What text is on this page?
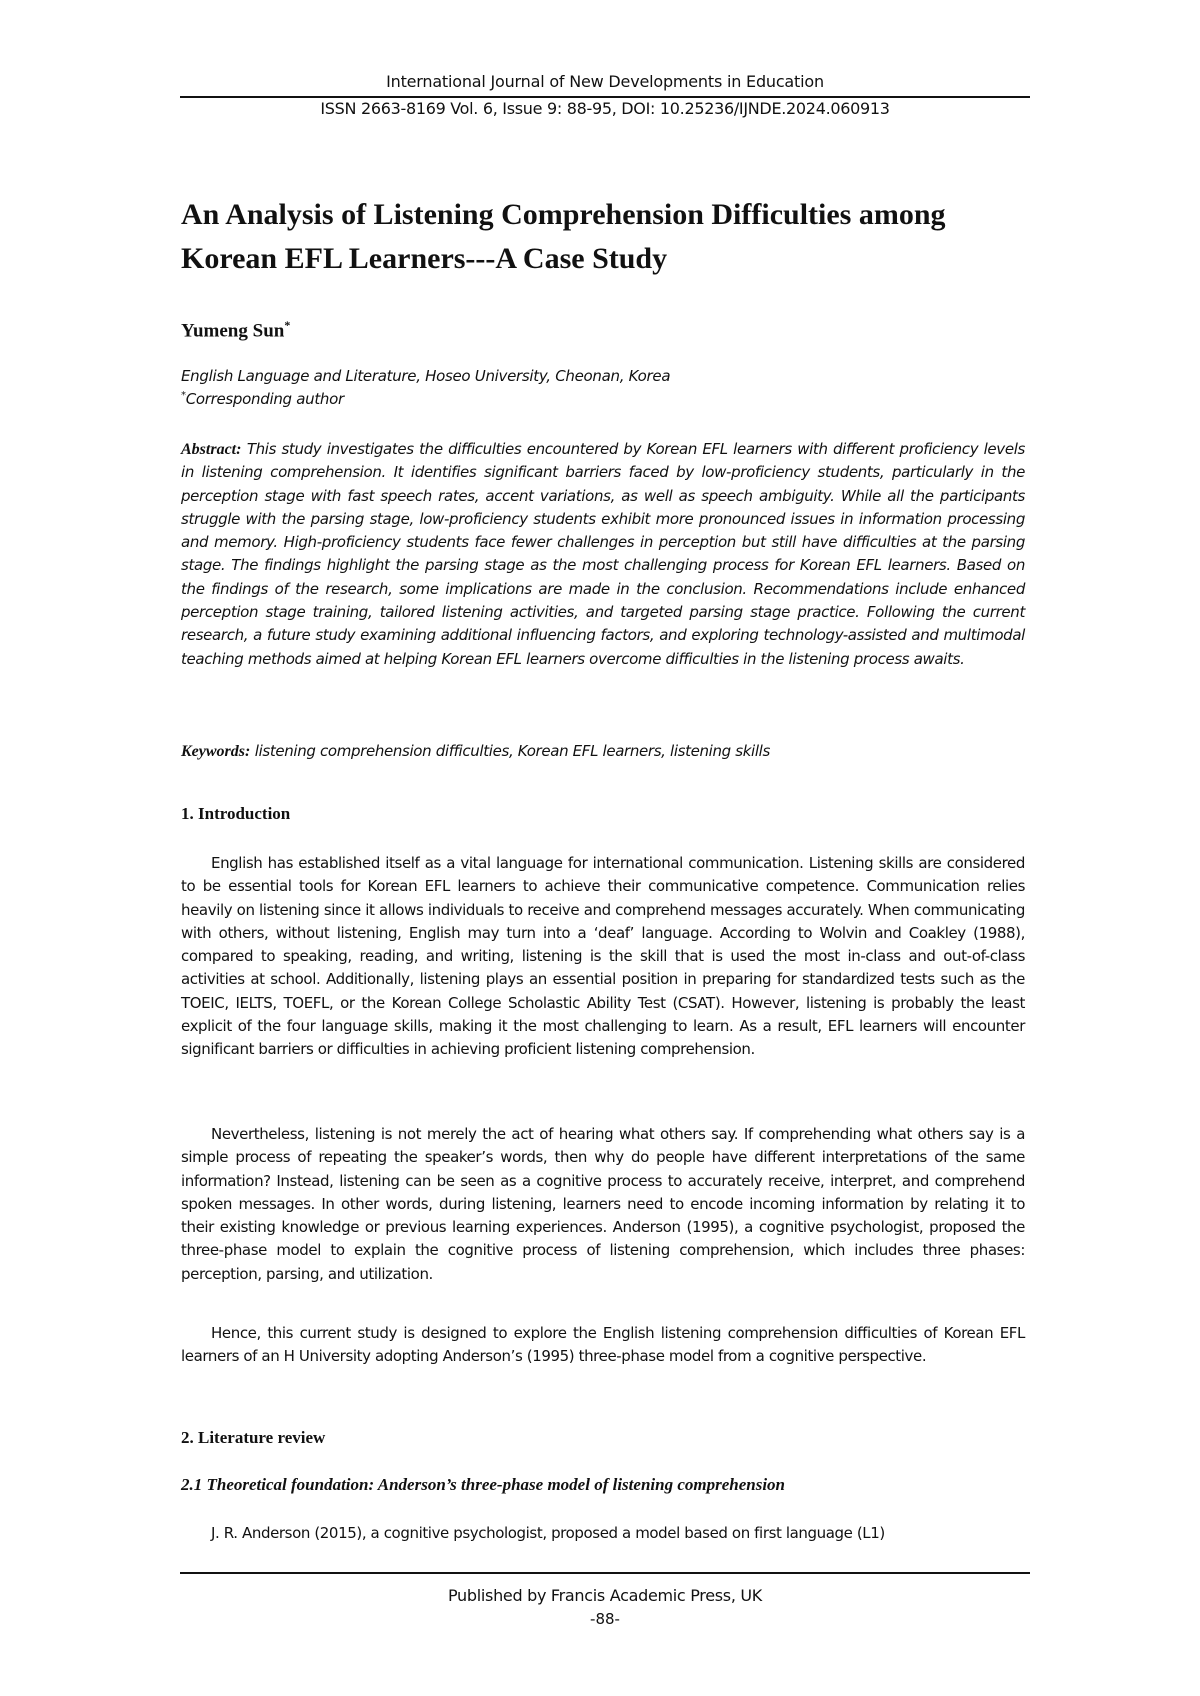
International Journal of New Developments in Education
ISSN 2663-8169 Vol. 6, Issue 9: 88-95, DOI: 10.25236/IJNDE.2024.060913
An Analysis of Listening Comprehension Difficulties among Korean EFL Learners---A Case Study
Yumeng Sun*
English Language and Literature, Hoseo University, Cheonan, Korea
*Corresponding author

Abstract: This study investigates the difficulties encountered by Korean EFL learners with different proficiency levels in listening comprehension. It identifies significant barriers faced by low-proficiency students, particularly in the perception stage with fast speech rates, accent variations, as well as speech ambiguity. While all the participants struggle with the parsing stage, low-proficiency students exhibit more pronounced issues in information processing and memory. High-proficiency students face fewer challenges in perception but still have difficulties at the parsing stage. The findings highlight the parsing stage as the most challenging process for Korean EFL learners. Based on the findings of the research, some implications are made in the conclusion. Recommendations include enhanced perception stage training, tailored listening activities, and targeted parsing stage practice. Following the current research, a future study examining additional influencing factors, and exploring technology-assisted and multimodal teaching methods aimed at helping Korean EFL learners overcome difficulties in the listening process awaits.

Keywords: listening comprehension difficulties, Korean EFL learners, listening skills

1. Introduction

English has established itself as a vital language for international communication. Listening skills are considered to be essential tools for Korean EFL learners to achieve their communicative competence. Communication relies heavily on listening since it allows individuals to receive and comprehend messages accurately. When communicating with others, without listening, English may turn into a ‘deaf’ language. According to Wolvin and Coakley (1988), compared to speaking, reading, and writing, listening is the skill that is used the most in-class and out-of-class activities at school. Additionally, listening plays an essential position in preparing for standardized tests such as the TOEIC, IELTS, TOEFL, or the Korean College Scholastic Ability Test (CSAT). However, listening is probably the least explicit of the four language skills, making it the most challenging to learn. As a result, EFL learners will encounter significant barriers or difficulties in achieving proficient listening comprehension.

Nevertheless, listening is not merely the act of hearing what others say. If comprehending what others say is a simple process of repeating the speaker’s words, then why do people have different interpretations of the same information? Instead, listening can be seen as a cognitive process to accurately receive, interpret, and comprehend spoken messages. In other words, during listening, learners need to encode incoming information by relating it to their existing knowledge or previous learning experiences. Anderson (1995), a cognitive psychologist, proposed the three-phase model to explain the cognitive process of listening comprehension, which includes three phases: perception, parsing, and utilization.

Hence, this current study is designed to explore the English listening comprehension difficulties of Korean EFL learners of an H University adopting Anderson’s (1995) three-phase model from a cognitive perspective.

2. Literature review
2.1 Theoretical foundation: Anderson’s three-phase model of listening comprehension

J. R. Anderson (2015), a cognitive psychologist, proposed a model based on first language (L1)

Published by Francis Academic Press, UK
-88-
